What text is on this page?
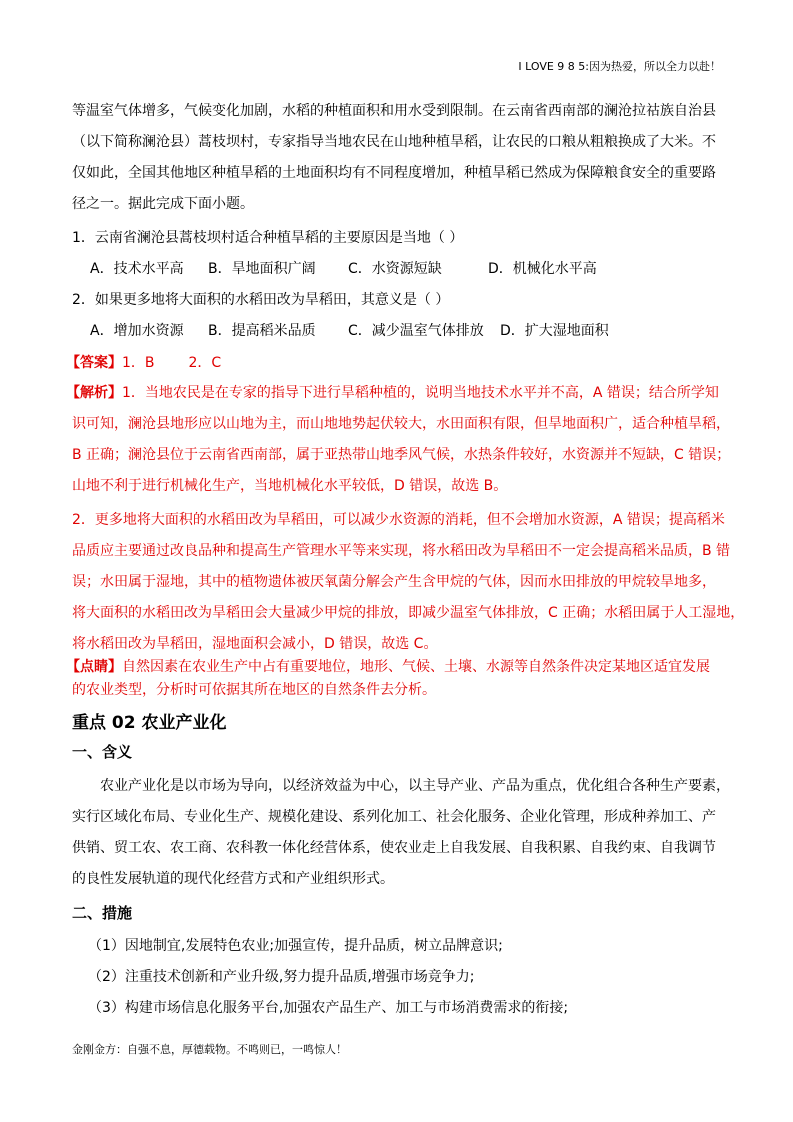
I LOVE 9 8 5:因为热爱，所以全力以赴！
等温室气体增多，气候变化加剧，水稻的种植面积和用水受到限制。在云南省西南部的澜沧拉祜族自治县
（以下简称澜沧县）蒿枝坝村，专家指导当地农民在山地种植旱稻，让农民的口粮从粗粮换成了大米。不
仅如此，全国其他地区种植旱稻的土地面积均有不同程度增加，种植旱稻已然成为保障粮食安全的重要路
径之一。据此完成下面小题。
1．云南省澜沧县蒿枝坝村适合种植旱稻的主要原因是当地（ ）
A．技术水平高 B．旱地面积广阔 C．水资源短缺	D．机械化水平高
2．如果更多地将大面积的水稻田改为旱稻田，其意义是（ ）
A．增加水资源 B．提高稻米品质 C．减少温室气体排放 D．扩大湿地面积
【答案】1．B 2．C
【解析】1．当地农民是在专家的指导下进行旱稻种植的，说明当地技术水平并不高，A 错误；结合所学知
识可知，澜沧县地形应以山地为主，而山地地势起伏较大，水田面积有限，但旱地面积广，适合种植旱稻，
B 正确；澜沧县位于云南省西南部，属于亚热带山地季风气候，水热条件较好，水资源并不短缺，C 错误；
山地不利于进行机械化生产，当地机械化水平较低，D 错误，故选 B。
2．更多地将大面积的水稻田改为旱稻田，可以减少水资源的消耗，但不会增加水资源，A 错误；提高稻米
品质应主要通过改良品种和提高生产管理水平等来实现，将水稻田改为旱稻田不一定会提高稻米品质，B 错
误；水田属于湿地，其中的植物遗体被厌氧菌分解会产生含甲烷的气体，因而水田排放的甲烷较旱地多，
将大面积的水稻田改为旱稻田会大量减少甲烷的排放，即减少温室气体排放，C 正确；水稻田属于人工湿地，
将水稻田改为旱稻田，湿地面积会减小，D 错误，故选 C。
【点睛】自然因素在农业生产中占有重要地位，地形、气候、土壤、水源等自然条件决定某地区适宜发展
的农业类型，分析时可依据其所在地区的自然条件去分析。
重点 02 农业产业化
一、含义
农业产业化是以市场为导向，以经济效益为中心，以主导产业、产品为重点，优化组合各种生产要素，
实行区域化布局、专业化生产、规模化建设、系列化加工、社会化服务、企业化管理，形成种养加工、产
供销、贸工农、农工商、农科教一体化经营体系，使农业走上自我发展、自我积累、自我约束、自我调节
的良性发展轨道的现代化经营方式和产业组织形式。
二、措施
（1）因地制宜,发展特色农业;加强宣传，提升品质，树立品牌意识;
（2）注重技术创新和产业升级,努力提升品质,增强市场竞争力;
（3）构建市场信息化服务平台,加强农产品生产、加工与市场消费需求的衔接;
金刚金方：自强不息，厚德载物。不鸣则已，一鸣惊人！
